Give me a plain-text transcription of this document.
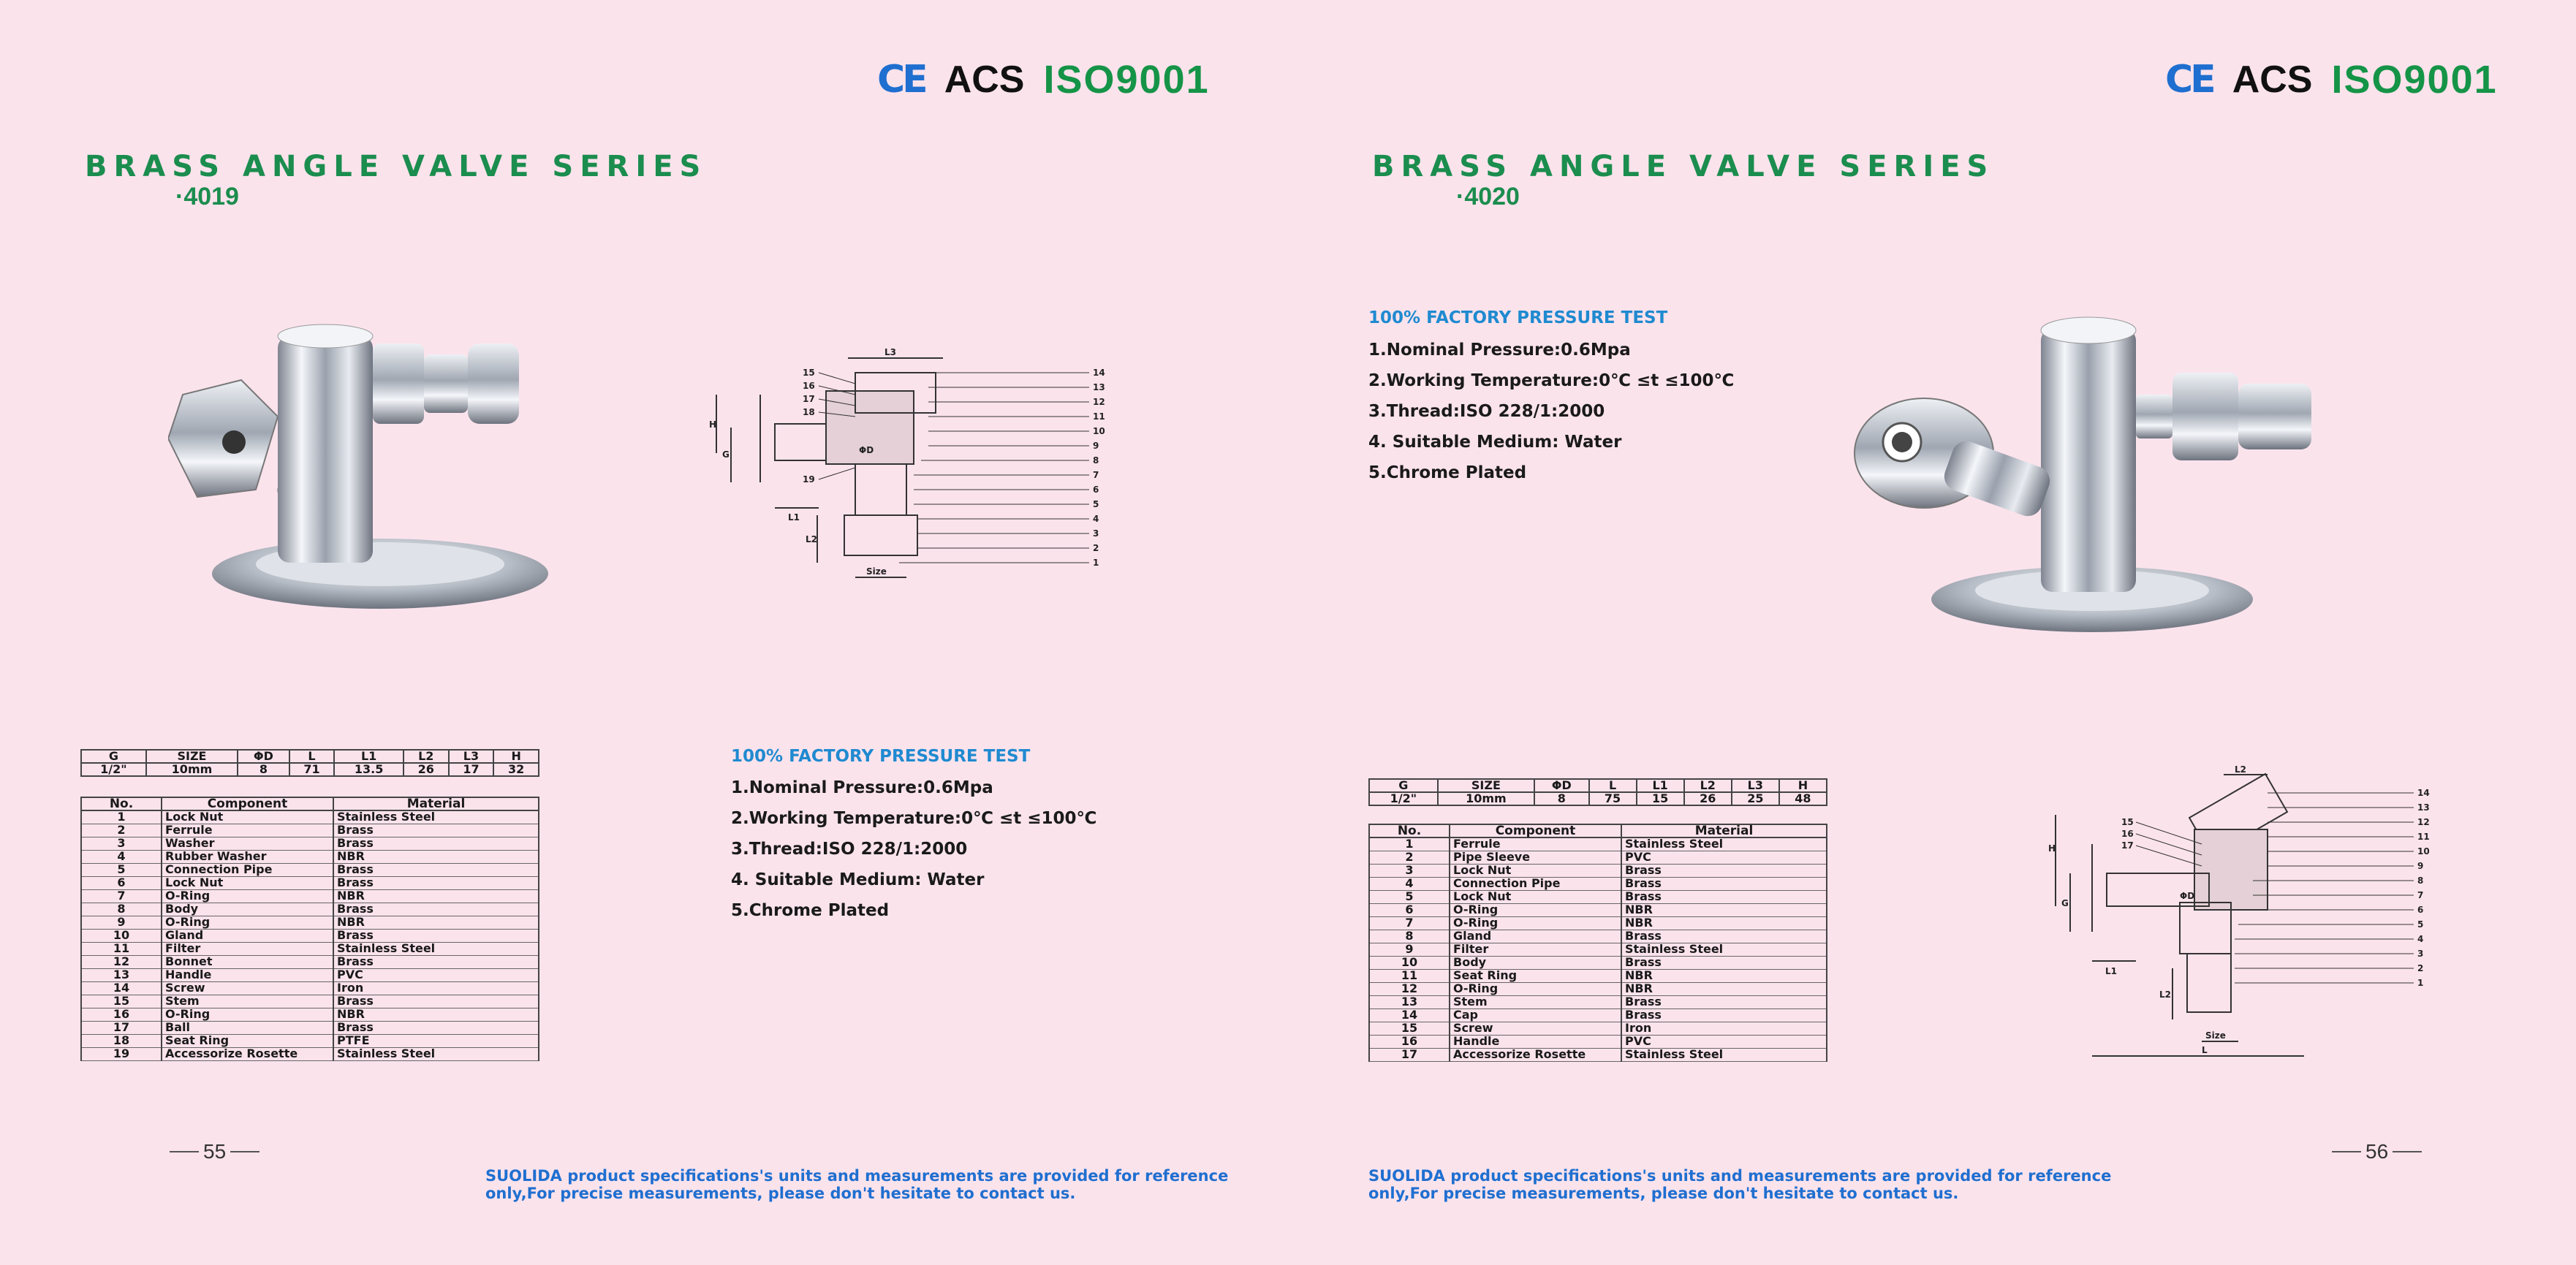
CE ACS ISO9001
BRASS ANGLE VALVE SERIES
·4019
L3
H
G	ΦD
L1
L2
Size
14
13
12
11
10
9
8
7
6
5
4
3
2
1
15
16
17
18
19
G	SIZE	ΦD	L	L1	L2	L3	H
1/2"	10mm	8	71	13.5	26	17	32
No.	Component	Material
1	Lock Nut	Stainless Steel
2	Ferrule	Brass
3	Washer	Brass
4	Rubber Washer	NBR
5	Connection Pipe	Brass
6	Lock Nut	Brass
7	O-Ring	NBR
8	Body	Brass
9	O-Ring	NBR
10	Gland	Brass
11	Filter	Stainless Steel
12	Bonnet	Brass
13	Handle	PVC
14	Screw	Iron
15	Stem	Brass
16	O-Ring	NBR
17	Ball	Brass
18	Seat Ring	PTFE
19	Accessorize Rosette	Stainless Steel
100% FACTORY PRESSURE TEST
1.Nominal Pressure:0.6Mpa
2.Working Temperature:0℃ ≤t ≤100℃
3.Thread:ISO 228/1:2000
4. Suitable Medium: Water
5.Chrome Plated
55
SUOLIDA product specifications's units and measurements are provided for reference
only,For precise measurements, please don't hesitate to contact us.
CE ACS ISO9001
BRASS ANGLE VALVE SERIES
·4020
100% FACTORY PRESSURE TEST
1.Nominal Pressure:0.6Mpa
2.Working Temperature:0℃ ≤t ≤100℃
3.Thread:ISO 228/1:2000
4. Suitable Medium: Water
5.Chrome Plated
G	SIZE	ΦD	L	L1	L2	L3	H
1/2"	10mm	8	75	15	26	25	48
No.	Component	Material
1	Ferrule	Stainless Steel
2	Pipe Sleeve	PVC
3	Lock Nut	Brass
4	Connection Pipe	Brass
5	Lock Nut	Brass
6	O-Ring	NBR
7	O-Ring	NBR
8	Gland	Brass
9	Filter	Stainless Steel
10	Body	Brass
11	Seat Ring	NBR
12	O-Ring	NBR
13	Stem	Brass
14	Cap	Brass
15	Screw	Iron
16	Handle	PVC
17	Accessorize Rosette	Stainless Steel
L2
H
G
ΦD
L1
L2
Size
L
14
13
12
11
10
9
8
7
6
5
4
3
2
1
15
16
17
56
SUOLIDA product specifications's units and measurements are provided for reference
only,For precise measurements, please don't hesitate to contact us.
